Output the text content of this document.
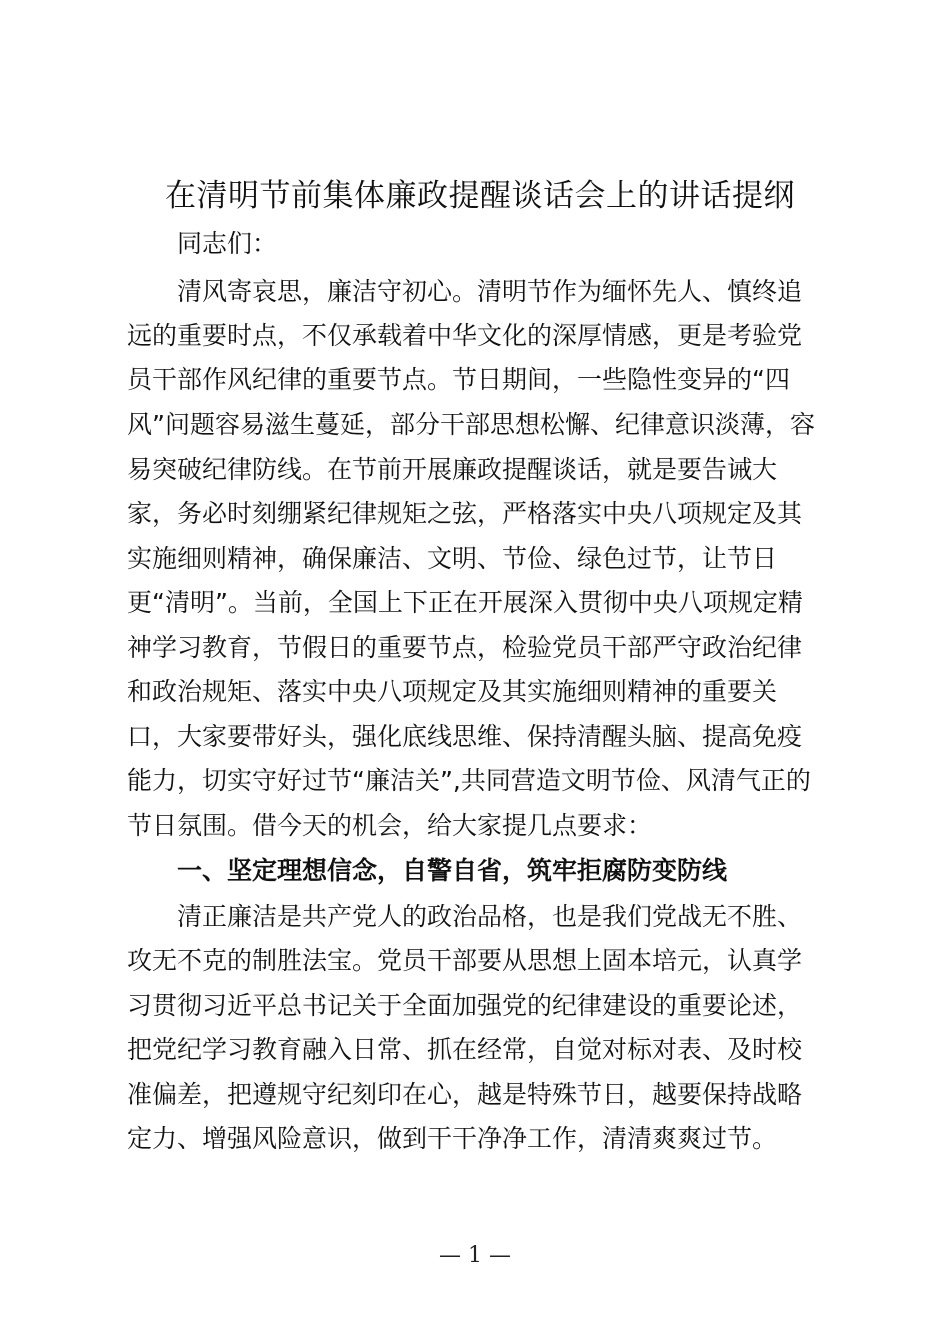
在清明节前集体廉政提醒谈话会上的讲话提纲

同志们：

清风寄哀思，廉洁守初心。清明节作为缅怀先人、慎终追

远的重要时点，不仅承载着中华文化的深厚情感，更是考验党

员干部作风纪律的重要节点。节日期间，一些隐性变异的“四

风”问题容易滋生蔓延，部分干部思想松懈、纪律意识淡薄，容

易突破纪律防线。在节前开展廉政提醒谈话，就是要告诫大

家，务必时刻绷紧纪律规矩之弦，严格落实中央八项规定及其

实施细则精神，确保廉洁、文明、节俭、绿色过节，让节日

更“清明”。当前，全国上下正在开展深入贯彻中央八项规定精

神学习教育，节假日的重要节点，检验党员干部严守政治纪律

和政治规矩、落实中央八项规定及其实施细则精神的重要关

口，大家要带好头，强化底线思维、保持清醒头脑、提高免疫

能力，切实守好过节“廉洁关”,共同营造文明节俭、风清气正的

节日氛围。借今天的机会，给大家提几点要求：

一、坚定理想信念，自警自省，筑牢拒腐防变防线

清正廉洁是共产党人的政治品格，也是我们党战无不胜、

攻无不克的制胜法宝。党员干部要从思想上固本培元，认真学

习贯彻习近平总书记关于全面加强党的纪律建设的重要论述，

把党纪学习教育融入日常、抓在经常，自觉对标对表、及时校

准偏差，把遵规守纪刻印在心，越是特殊节日，越要保持战略

定力、增强风险意识，做到干干净净工作，清清爽爽过节。

— 1 —
